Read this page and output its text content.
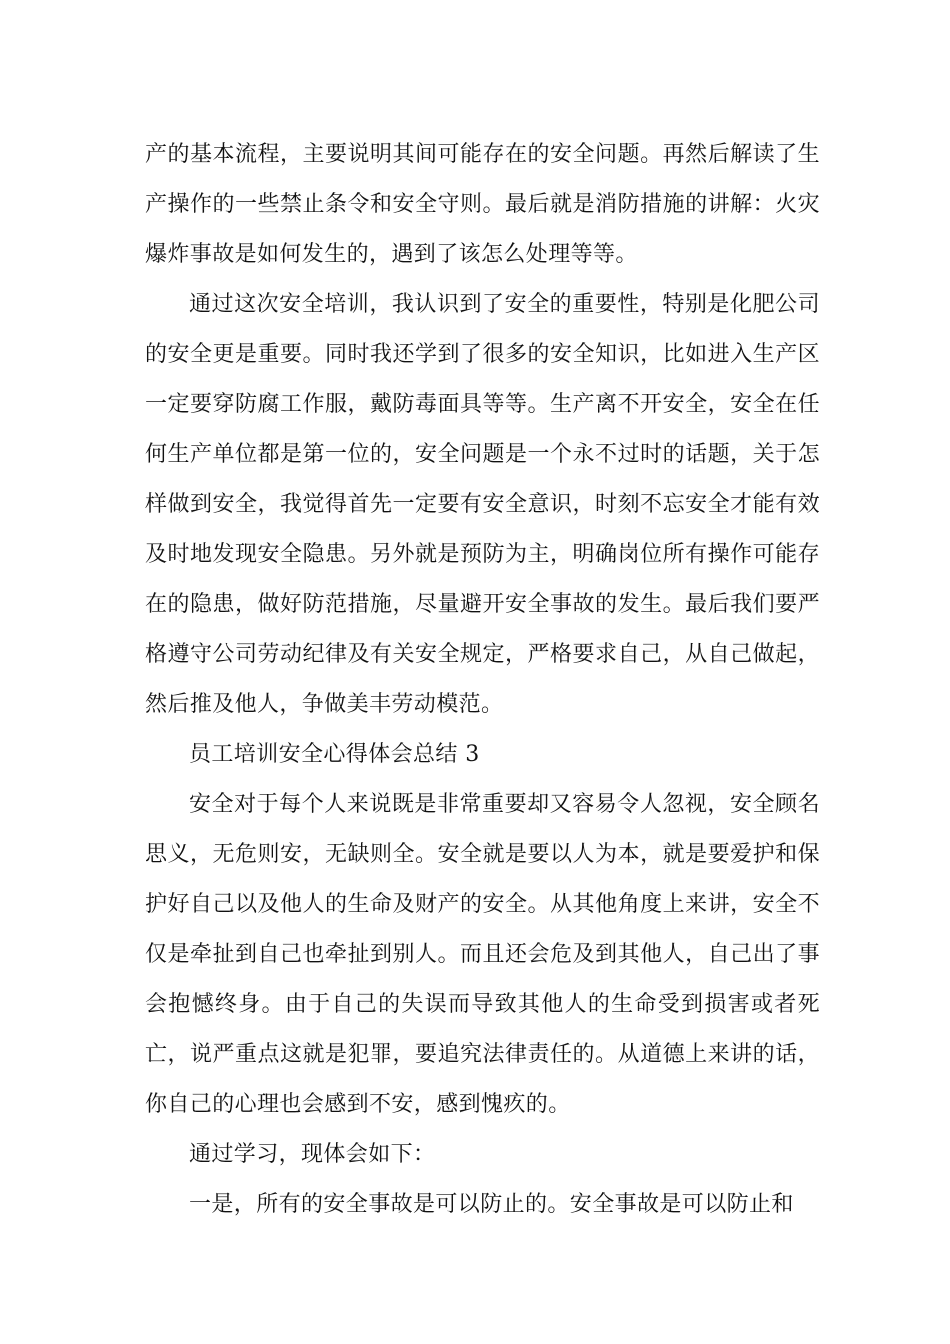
产的基本流程，主要说明其间可能存在的安全问题。再然后解读了生产操作的一些禁止条令和安全守则。最后就是消防措施的讲解：火灾爆炸事故是如何发生的，遇到了该怎么处理等等。

通过这次安全培训，我认识到了安全的重要性，特别是化肥公司的安全更是重要。同时我还学到了很多的安全知识，比如进入生产区一定要穿防腐工作服，戴防毒面具等等。生产离不开安全，安全在任何生产单位都是第一位的，安全问题是一个永不过时的话题，关于怎样做到安全，我觉得首先一定要有安全意识，时刻不忘安全才能有效及时地发现安全隐患。另外就是预防为主，明确岗位所有操作可能存在的隐患，做好防范措施，尽量避开安全事故的发生。最后我们要严格遵守公司劳动纪律及有关安全规定，严格要求自己，从自己做起，然后推及他人，争做美丰劳动模范。

员工培训安全心得体会总结 3

安全对于每个人来说既是非常重要却又容易令人忽视，安全顾名思义，无危则安，无缺则全。安全就是要以人为本，就是要爱护和保护好自己以及他人的生命及财产的安全。从其他角度上来讲，安全不仅是牵扯到自己也牵扯到别人。而且还会危及到其他人，自己出了事会抱憾终身。由于自己的失误而导致其他人的生命受到损害或者死亡，说严重点这就是犯罪，要追究法律责任的。从道德上来讲的话，你自己的心理也会感到不安，感到愧疚的。

通过学习，现体会如下：

一是，所有的安全事故是可以防止的。安全事故是可以防止和
